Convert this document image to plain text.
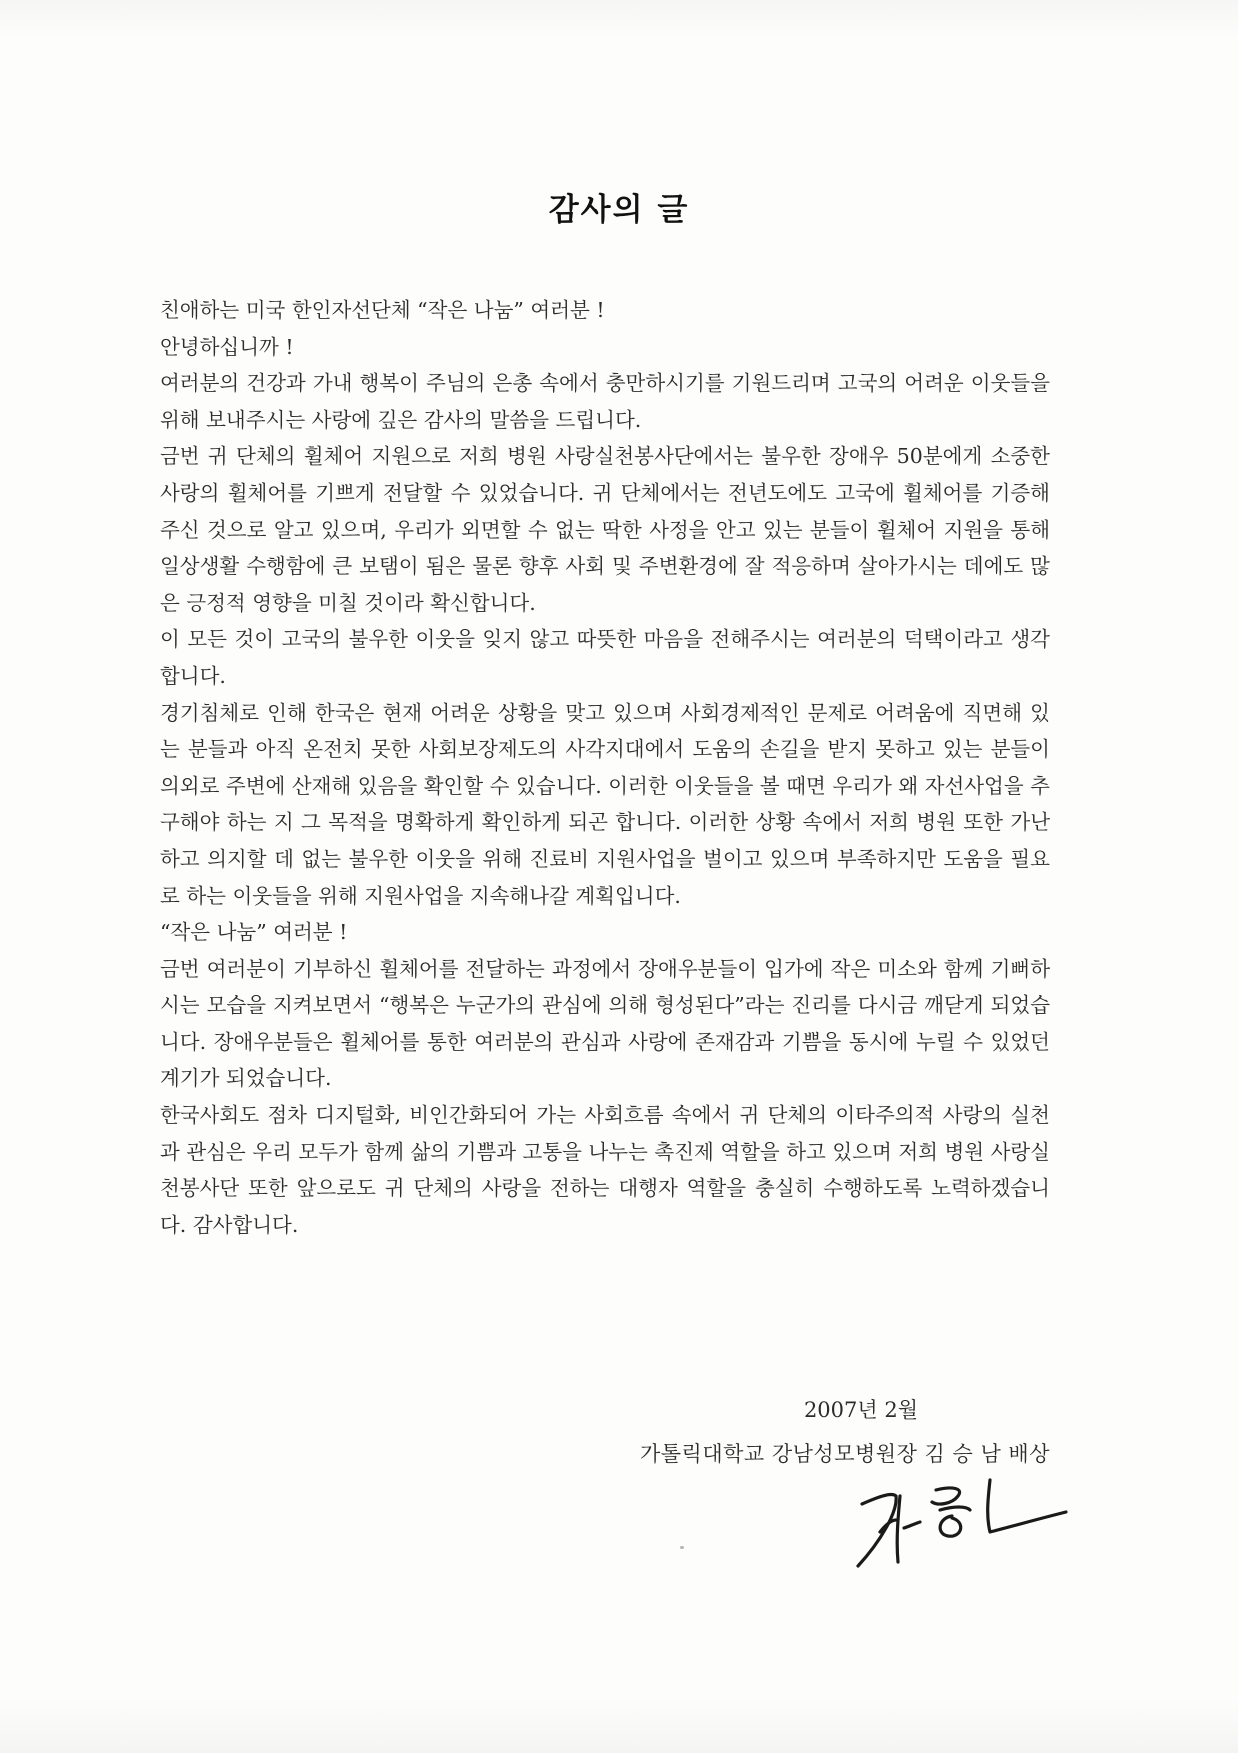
감사의 글

친애하는 미국 한인자선단체 “작은 나눔” 여러분 !

안녕하십니까 !

여러분의 건강과 가내 행복이 주님의 은총 속에서 충만하시기를 기원드리며 고국의 어려운 이웃들을 위해 보내주시는 사랑에 깊은 감사의 말씀을 드립니다.

금번 귀 단체의 휠체어 지원으로 저희 병원 사랑실천봉사단에서는 불우한 장애우 50분에게 소중한 사랑의 휠체어를 기쁘게 전달할 수 있었습니다. 귀 단체에서는 전년도에도 고국에 휠체어를 기증해주신 것으로 알고 있으며, 우리가 외면할 수 없는 딱한 사정을 안고 있는 분들이 휠체어 지원을 통해 일상생활 수행함에 큰 보탬이 됨은 물론 향후 사회 및 주변환경에 잘 적응하며 살아가시는 데에도 많은 긍정적 영향을 미칠 것이라 확신합니다.

이 모든 것이 고국의 불우한 이웃을 잊지 않고 따뜻한 마음을 전해주시는 여러분의 덕택이라고 생각합니다.

경기침체로 인해 한국은 현재 어려운 상황을 맞고 있으며 사회경제적인 문제로 어려움에 직면해 있는 분들과 아직 온전치 못한 사회보장제도의 사각지대에서 도움의 손길을 받지 못하고 있는 분들이 의외로 주변에 산재해 있음을 확인할 수 있습니다. 이러한 이웃들을 볼 때면 우리가 왜 자선사업을 추구해야 하는 지 그 목적을 명확하게 확인하게 되곤 합니다. 이러한 상황 속에서 저희 병원 또한 가난하고 의지할 데 없는 불우한 이웃을 위해 진료비 지원사업을 벌이고 있으며 부족하지만 도움을 필요로 하는 이웃들을 위해 지원사업을 지속해나갈 계획입니다.

“작은 나눔” 여러분 !

금번 여러분이 기부하신 휠체어를 전달하는 과정에서 장애우분들이 입가에 작은 미소와 함께 기뻐하시는 모습을 지켜보면서 “행복은 누군가의 관심에 의해 형성된다”라는 진리를 다시금 깨닫게 되었습니다. 장애우분들은 휠체어를 통한 여러분의 관심과 사랑에 존재감과 기쁨을 동시에 누릴 수 있었던 계기가 되었습니다.

한국사회도 점차 디지털화, 비인간화되어 가는 사회흐름 속에서 귀 단체의 이타주의적 사랑의 실천과 관심은 우리 모두가 함께 삶의 기쁨과 고통을 나누는 촉진제 역할을 하고 있으며 저희 병원 사랑실천봉사단 또한 앞으로도 귀 단체의 사랑을 전하는 대행자 역할을 충실히 수행하도록 노력하겠습니다. 감사합니다.

2007년 2월
가톨릭대학교 강남성모병원장 김 승 남 배상
